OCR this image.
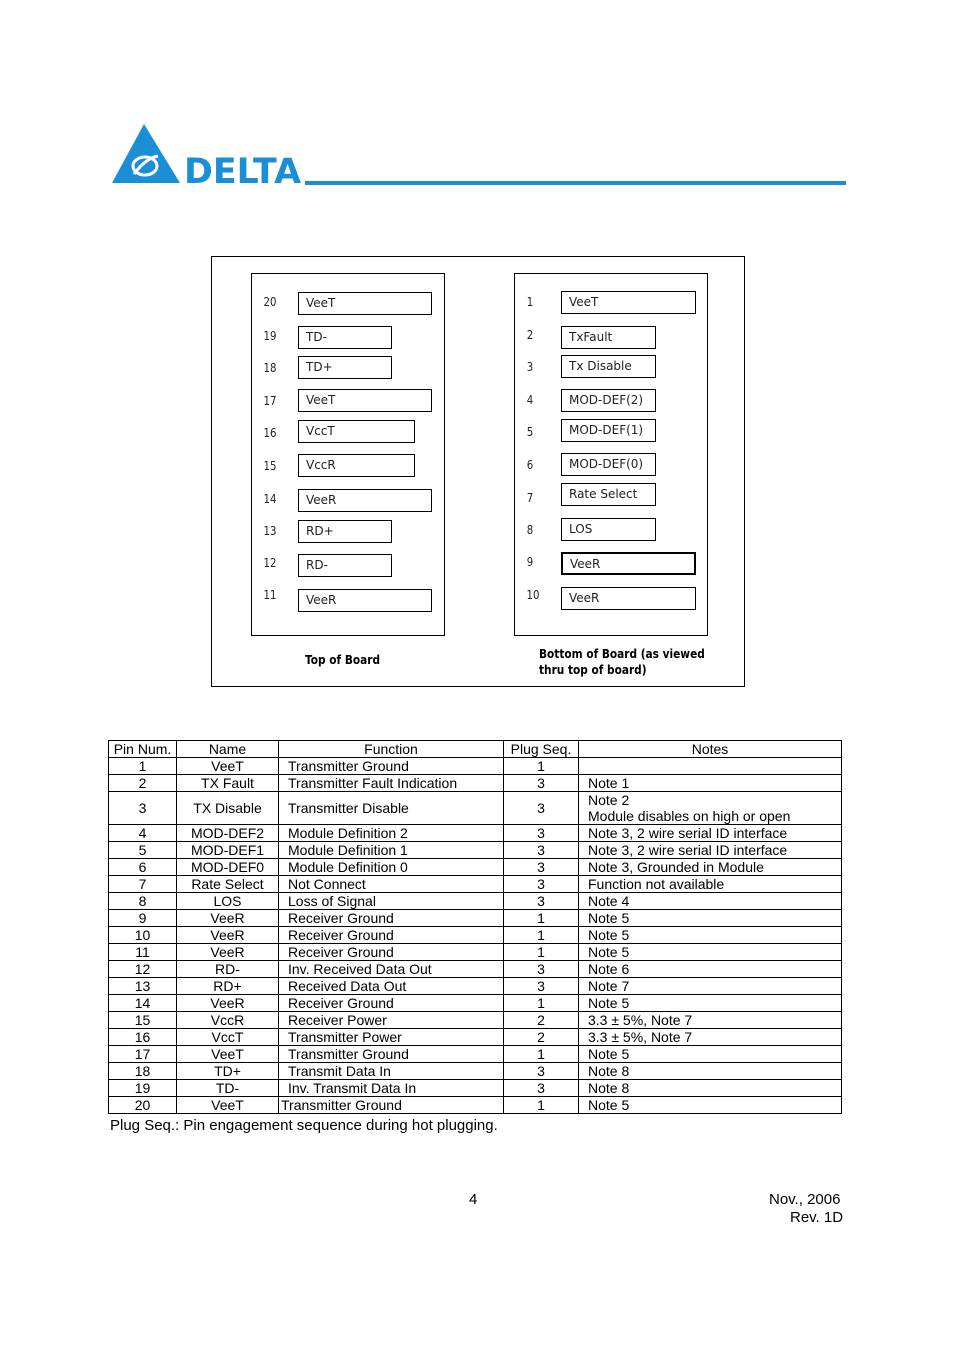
DELTA
20	VeeT
19	TD-
18	TD+
17	VeeT
16	VccT
15	VccR
14	VeeR
13	RD+
12	RD-
11	VeeR
Top of Board
1	VeeT
2	TxFault
3	Tx Disable
4	MOD-DEF(2)
5	MOD-DEF(1)
6	MOD-DEF(0)
7	Rate Select
8	LOS
9	VeeR
10	VeeR
Bottom of Board (as viewed
thru top of board)
Pin Num.	Name	Function	Plug Seq.	Notes
1	VeeT	Transmitter Ground	1	
2	TX Fault	Transmitter Fault Indication	3	Note 1
3	TX Disable	Transmitter Disable	3	Note 2
Module disables on high or open

4	MOD-DEF2	Module Definition 2	3	Note 3, 2 wire serial ID interface
5	MOD-DEF1	Module Definition 1	3	Note 3, 2 wire serial ID interface
6	MOD-DEF0	Module Definition 0	3	Note 3, Grounded in Module
7	Rate Select	Not Connect	3	Function not available
8	LOS	Loss of Signal	3	Note 4
9	VeeR	Receiver Ground	1	Note 5
10	VeeR	Receiver Ground	1	Note 5
11	VeeR	Receiver Ground	1	Note 5
12	RD-	Inv. Received Data Out	3	Note 6
13	RD+	Received Data Out	3	Note 7
14	VeeR	Receiver Ground	1	Note 5
15	VccR	Receiver Power	2	3.3 ± 5%, Note 7
16	VccT	Transmitter Power	2	3.3 ± 5%, Note 7
17	VeeT	Transmitter Ground	1	Note 5
18	TD+	Transmit Data In	3	Note 8
19	TD-	Inv. Transmit Data In	3	Note 8
20	VeeT	Transmitter Ground	1	Note 5
Plug Seq.: Pin engagement sequence during hot plugging.
4	Nov., 2006
Rev. 1D
